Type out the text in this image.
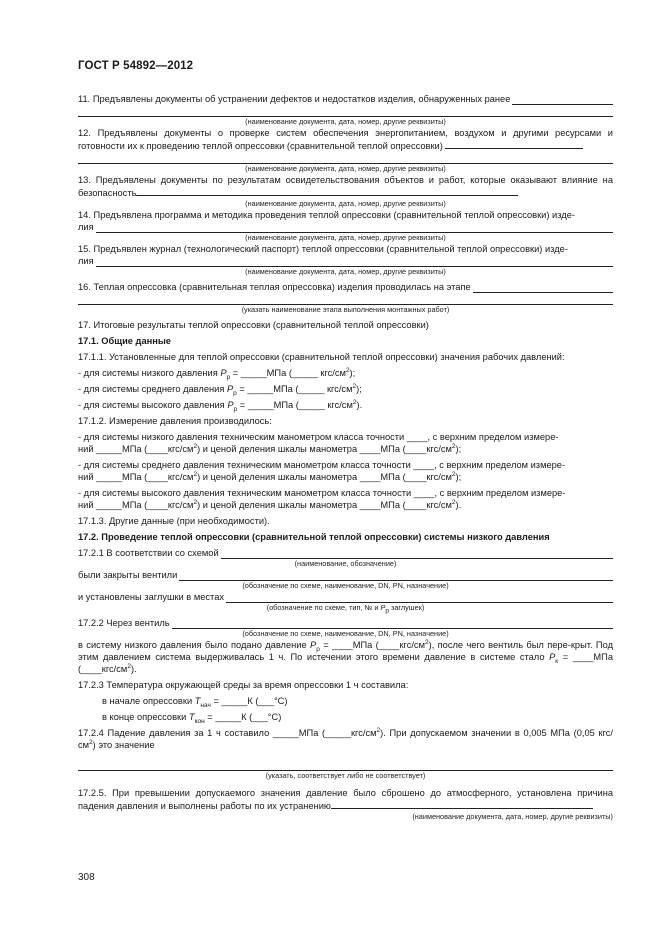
ГОСТ Р 54892—2012
11. Предъявлены документы об устранении дефектов и недостатков изделия, обнаруженных ранее
(наименование документа, дата, номер, другие реквизиты)

12. Предъявлены документы о проверке систем обеспечения энергопитанием, воздухом и другими ресурсами и готовности их к проведению теплой опрессовки (сравнительной теплой опрессовки)

(наименование документа, дата, номер, другие реквизиты)

13. Предъявлены документы по результатам освидетельствования объектов и работ, которые оказывают влияние на безопасность

(наименование документа, дата, номер, другие реквизиты)

14. Предъявлена программа и методика проведения теплой опрессовки (сравнительной теплой опрессовки) изде-

лия
(наименование документа, дата, номер, другие реквизиты)

15. Предъявлен журнал (технологический паспорт) теплой опрессовки (сравнительной теплой опрессовки) изде-

лия
(наименование документа, дата, номер, другие реквизиты)
16. Теплая опрессовка (сравнительная теплая опрессовка) изделия проводилась на этапе
(указать наименование этапа выполнения монтажных работ)

17. Итоговые результаты теплой опрессовки (сравнительной теплой опрессовки)

17.1. Общие данные

17.1.1. Установленные для теплой опрессовки (сравнительной теплой опрессовки) значения рабочих давлений:

- для системы низкого давления $P_р$ = _____МПа (_____ кгс/$см^2$);

- для системы среднего давления $P_р$ = _____МПа (_____ кгс/$см^2$);

- для системы высокого давления $P_р$ = _____МПа (_____ кгс/$см^2$).

17.1.2. Измерение давления производилось:

- для системы низкого давления техническим манометром класса точности ____, с верхним пределом измере-
ний _____МПа $(\_\_\_\_кгс/см^2)$ и ценой деления шкалы манометра ____МПа $(\_\_\_\_кгс/см^2)$;

- для системы среднего давления техническим манометром класса точности ____, с верхним пределом измере-
ний _____МПа $(\_\_\_\_кгс/см^2)$ и ценой деления шкалы манометра ____МПа $(\_\_\_\_кгс/см^2)$;

- для системы высокого давления техническим манометром класса точности ____, с верхним пределом измере-
ний _____МПа $(\_\_\_\_кгс/см^2)$ и ценой деления шкалы манометра ____МПа $(\_\_\_\_кгс/см^2)$.

17.1.3. Другие данные (при необходимости).

17.2. Проведение теплой опрессовки (сравнительной теплой опрессовки) системы низкого давления

17.2.1 В соответствии со схемой
(наименование, обозначение)
были закрыты вентили
(обозначение по схеме, наименование, DN, PN, назначение)
и установлены заглушки в местах
(обозначение по схеме, тип, № и $P_р$ заглушек)
17.2.2 Через вентиль
(обозначение по схеме, наименование, DN, PN, назначение)

в систему низкого давления было подано давление $P_р$ = ____МПа $(\_\_\_\_кгс/см^2)$, после чего вентиль был пере-крыт. Под этим давлением система выдерживалась 1 ч. По истечении этого времени давление в системе стало $P_к$ = ____МПа $(\_\_\_\_кгс/см^2)$.

17.2.3 Температура окружающей среды за время опрессовки 1 ч составила:

в начале опрессовки $T_{нач}$ = _____К (___°С)

в конце опрессовки $T_{кон}$ = _____К (___°С)

17.2.4 Падение давления за 1 ч составило _____МПа $(\_\_\_\_\_кгс/см^2)$. При допускаемом значении в 0,005 МПа (0,05 кгс/$см^2$) это значение

(указать, соответствует либо не соответствует)

17.2.5. При превышении допускаемого значения давление было сброшено до атмосферного, установлена причина падения давления и выполнены работы по их устранению

(наименование документа, дата, номер, другие реквизиты)
308
